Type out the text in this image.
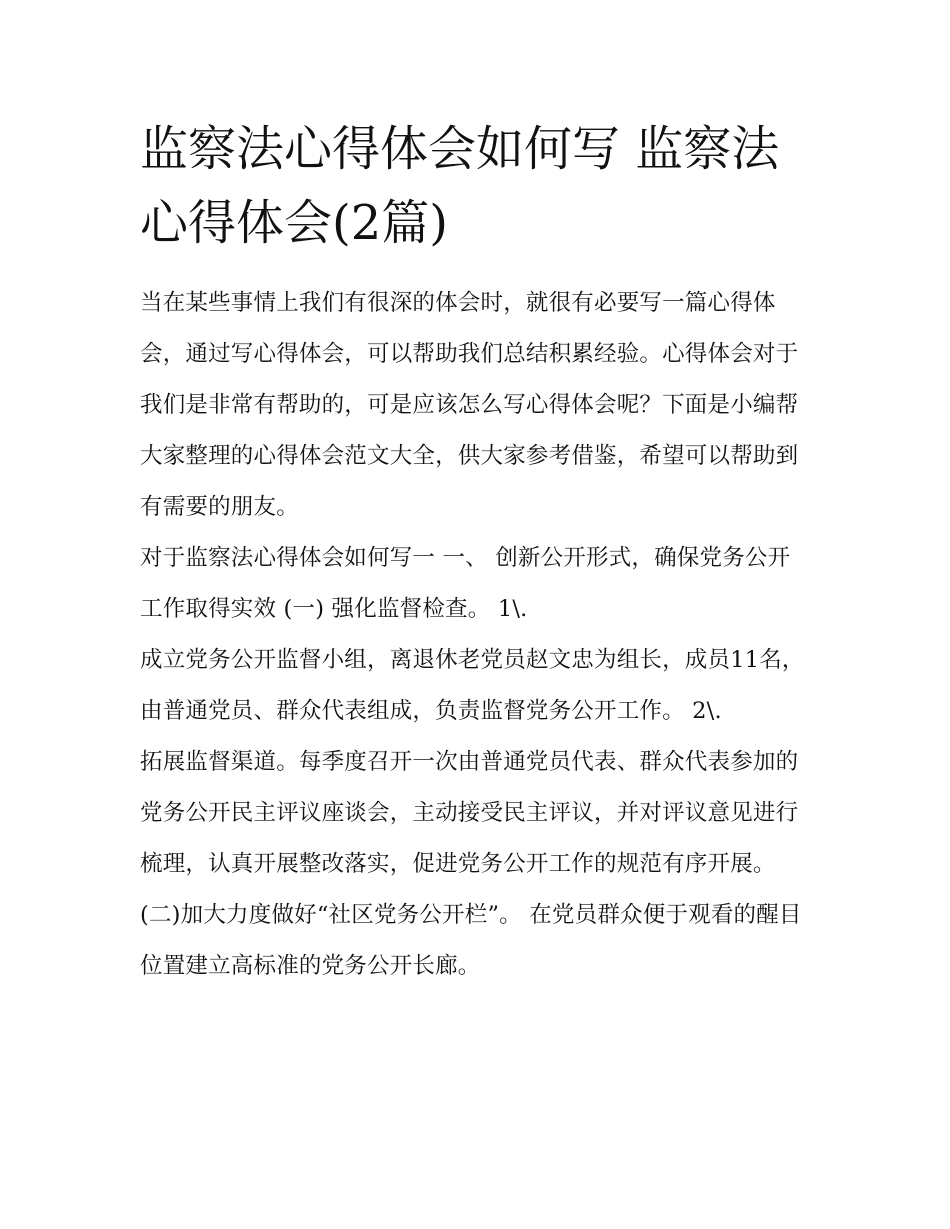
监察法心得体会如何写 监察法心得体会(2篇)

当在某些事情上我们有很深的体会时，就很有必要写一篇心得体会，通过写心得体会，可以帮助我们总结积累经验。心得体会对于我们是非常有帮助的，可是应该怎么写心得体会呢？下面是小编帮大家整理的心得体会范文大全，供大家参考借鉴，希望可以帮助到有需要的朋友。

对于监察法心得体会如何写一 一、 创新公开形式，确保党务公开工作取得实效 (一) 强化监督检查。 1\.

成立党务公开监督小组，离退休老党员赵文忠为组长，成员11名，由普通党员、群众代表组成，负责监督党务公开工作。 2\.

拓展监督渠道。每季度召开一次由普通党员代表、群众代表参加的党务公开民主评议座谈会，主动接受民主评议，并对评议意见进行梳理，认真开展整改落实，促进党务公开工作的规范有序开展。

(二)加大力度做好“社区党务公开栏”。 在党员群众便于观看的醒目位置建立高标准的党务公开长廊。
